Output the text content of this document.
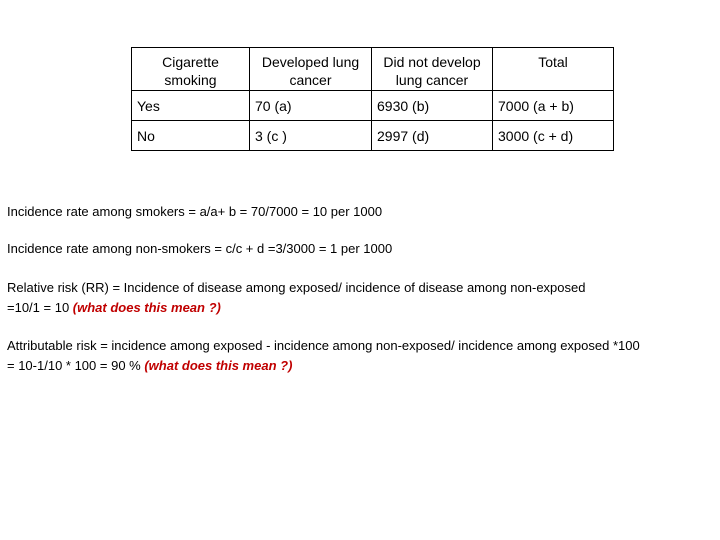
Cigarette smoking	Developed lung cancer	Did not develop lung cancer	Total
Yes	70 (a)	6930 (b)	7000 (a + b)
No	3 (c )	2997 (d)	3000 (c + d)

Incidence rate among smokers = a/a+ b = 70/7000 = 10 per 1000

Incidence rate among non-smokers = c/c + d =3/3000 = 1 per 1000

Relative risk (RR) = Incidence of disease among exposed/ incidence of disease among non-exposed
=10/1 = 10 (what does this mean ?)
Attributable risk = incidence among exposed - incidence among non-exposed/ incidence among exposed *100
= 10-1/10 * 100 = 90 % (what does this mean ?)
